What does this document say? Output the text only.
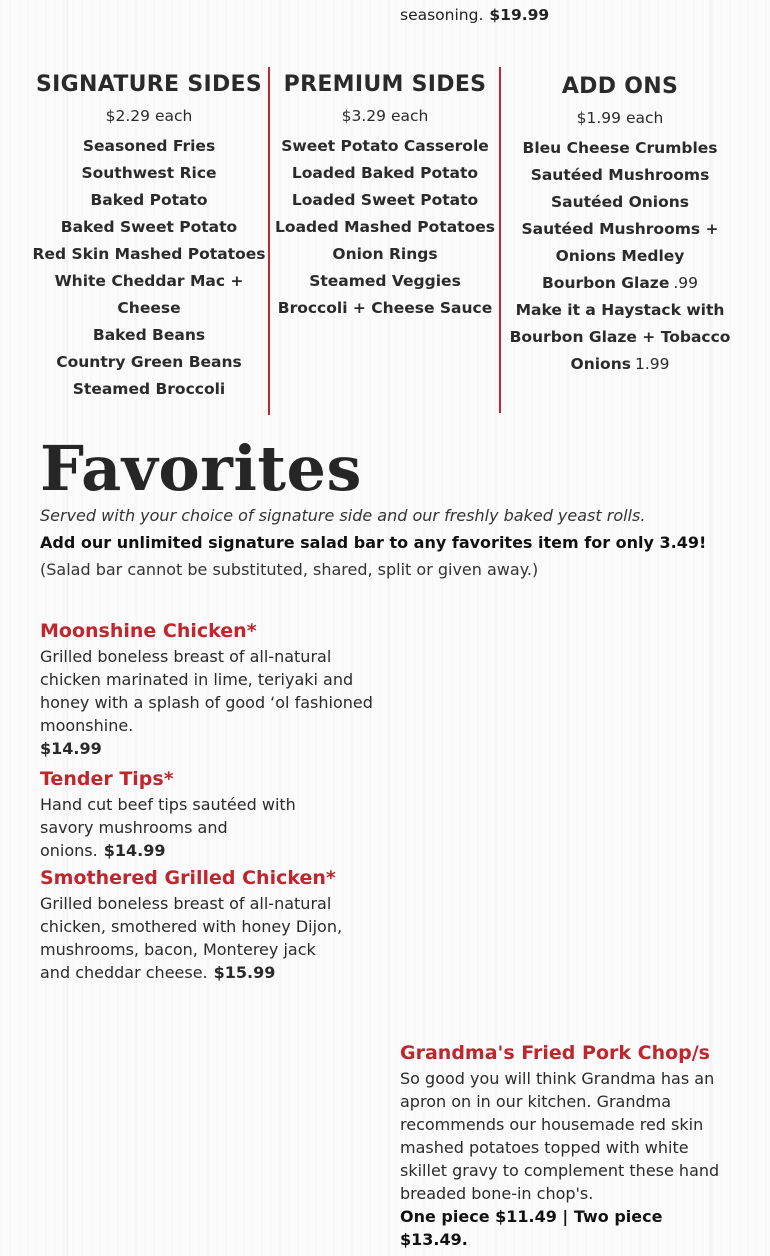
seasoning. $19.99
SIGNATURE SIDES
$2.29 each
Seasoned Fries
Southwest Rice
Baked Potato
Baked Sweet Potato
Red Skin Mashed Potatoes
White Cheddar Mac +
Cheese
Baked Beans
Country Green Beans
Steamed Broccoli
PREMIUM SIDES
$3.29 each
Sweet Potato Casserole
Loaded Baked Potato
Loaded Sweet Potato
Loaded Mashed Potatoes
Onion Rings
Steamed Veggies
Broccoli + Cheese Sauce
ADD ONS
$1.99 each
Bleu Cheese Crumbles
Sautéed Mushrooms
Sautéed Onions
Sautéed Mushrooms +
Onions Medley
Bourbon Glaze .99
Make it a Haystack with
Bourbon Glaze + Tobacco
Onions 1.99
Favorites
Served with your choice of signature side and our freshly baked yeast rolls.
Add our unlimited signature salad bar to any favorites item for only 3.49!
(Salad bar cannot be substituted, shared, split or given away.)
Moonshine Chicken*
Grilled boneless breast of all-natural chicken marinated in lime, teriyaki and honey with a splash of good ‘ol fashioned moonshine.
$14.99
Tender Tips*
Hand cut beef tips sautéed with savory mushrooms and onions. $14.99
Smothered Grilled Chicken*
Grilled boneless breast of all-natural chicken, smothered with honey Dijon, mushrooms, bacon, Monterey jack and cheddar cheese. $15.99
Grandma's Fried Pork Chop/s
So good you will think Grandma has an apron on in our kitchen. Grandma recommends our housemade red skin mashed potatoes topped with white skillet gravy to complement these hand breaded bone-in chop's.
One piece $11.49 | Two piece $13.49.
